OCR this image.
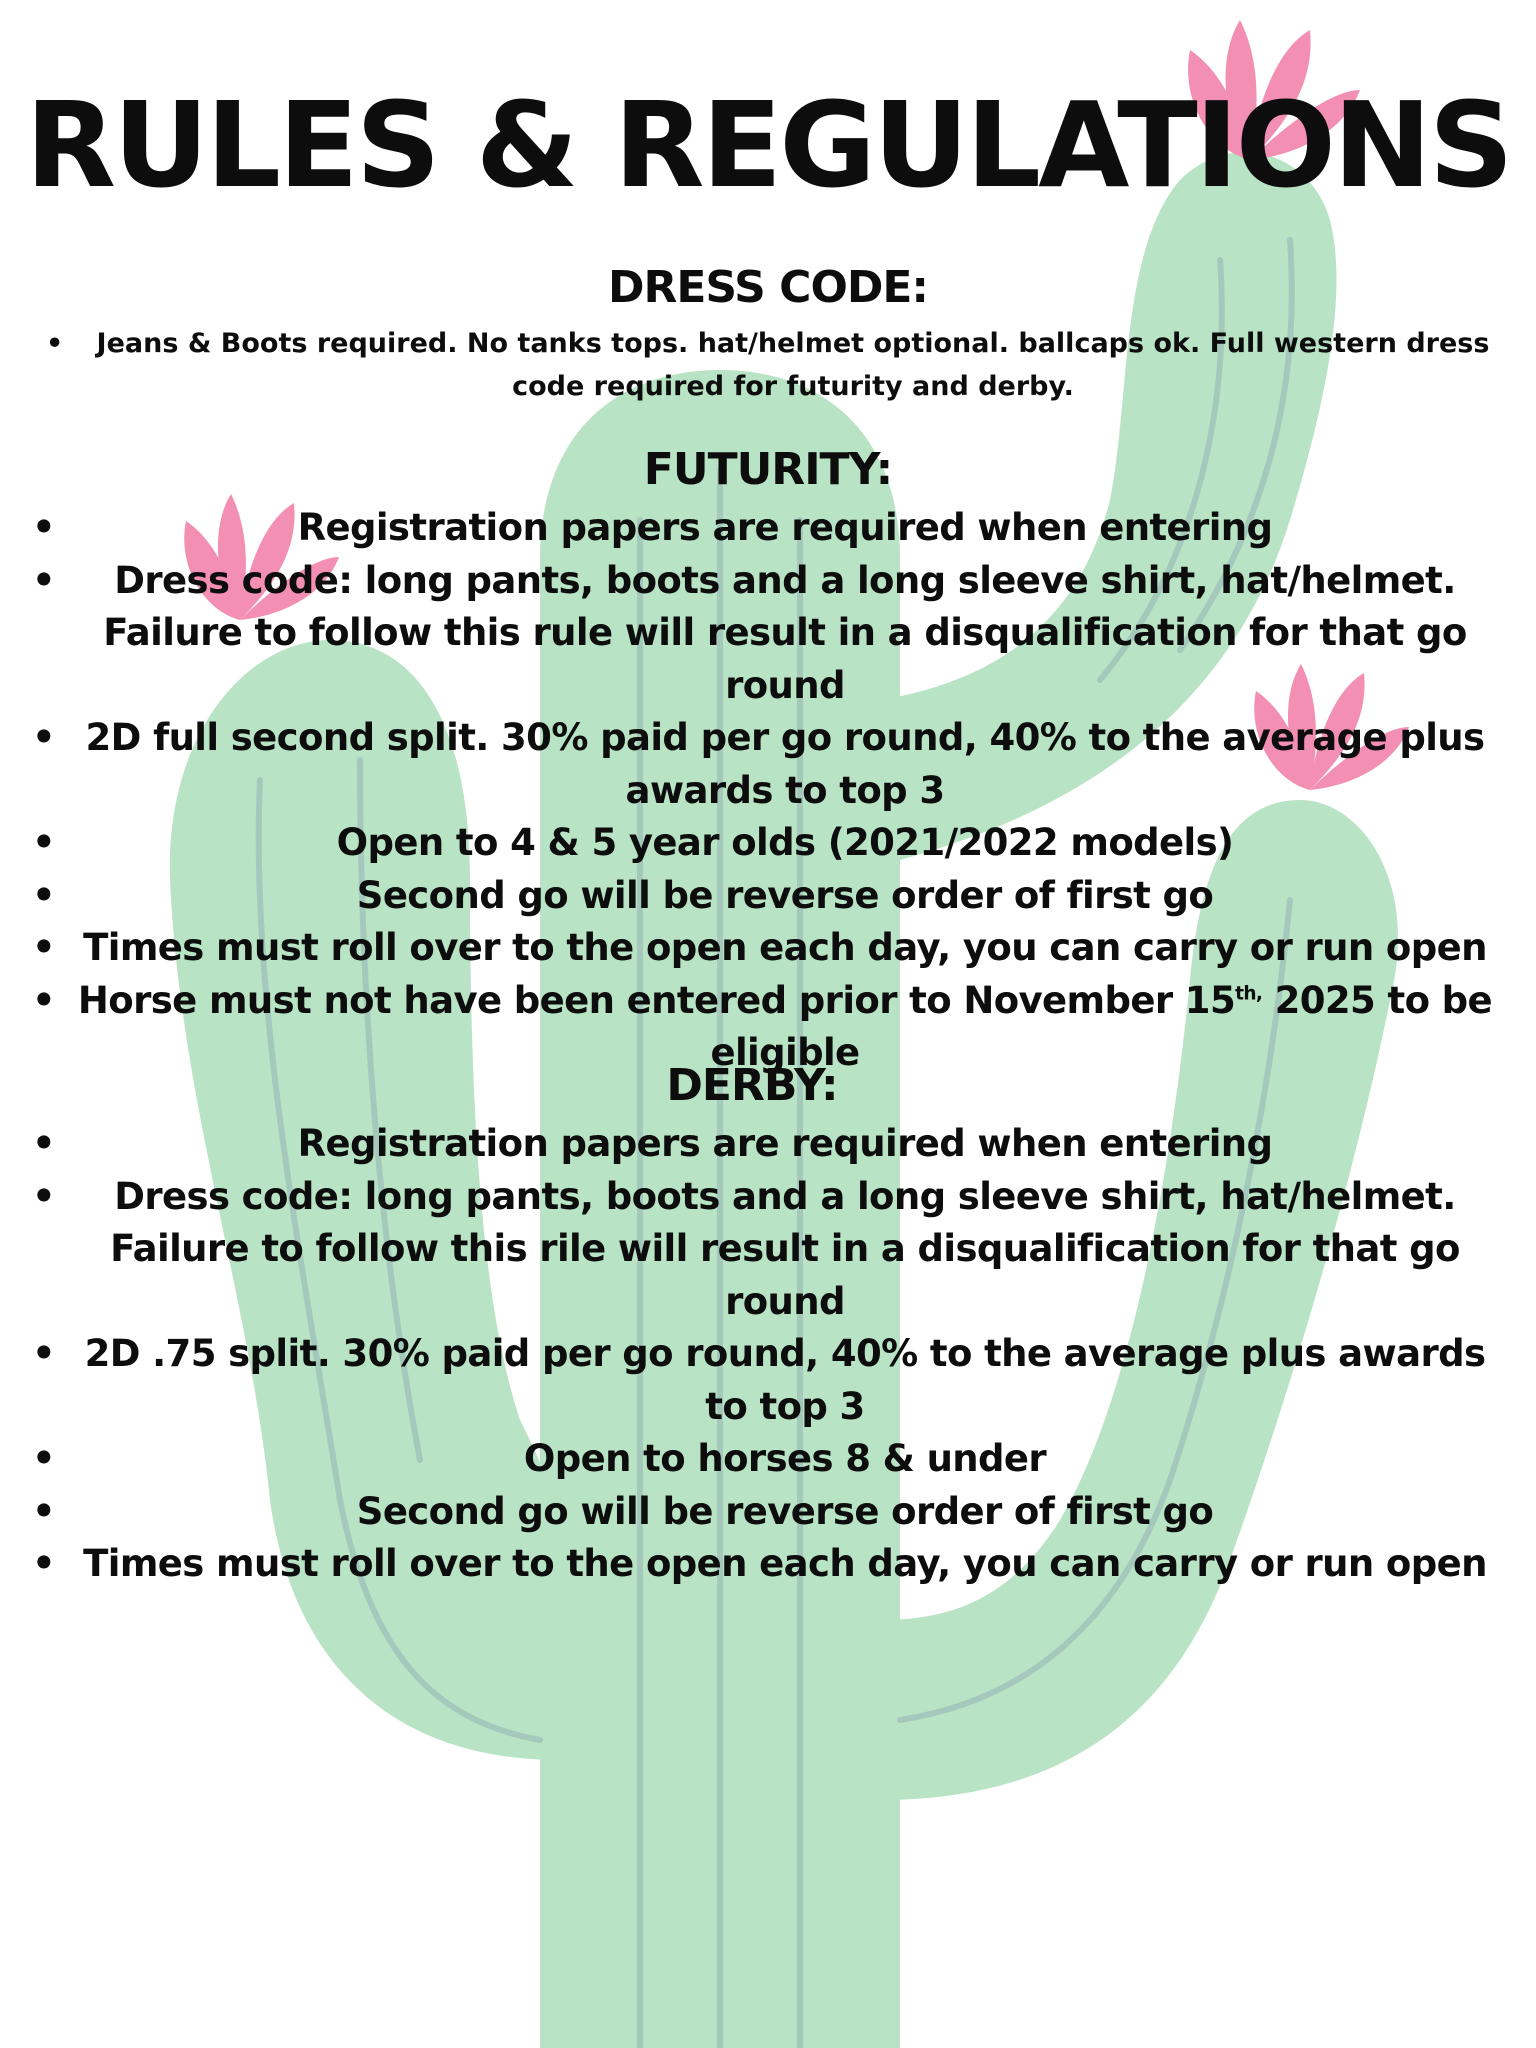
RULES & REGULATIONS
DRESS CODE:
• Jeans & Boots required. No tanks tops. hat/helmet optional. ballcaps ok. Full western dress code required for futurity and derby.
FUTURITY:
•	Registration papers are required when entering
• Dress code: long pants, boots and a long sleeve shirt, hat/helmet. Failure to follow this rule will result in a disqualification for that go round
• 2D full second split. 30% paid per go round, 40% to the average plus awards to top 3
•	Open to 4 & 5 year olds (2021/2022 models)
•	Second go will be reverse order of first go
• Times must roll over to the open each day, you can carry or run open
• Horse must not have been entered prior to November $15^{th,}$ 2025 to be eligible
DERBY:
•	Registration papers are required when entering
• Dress code: long pants, boots and a long sleeve shirt, hat/helmet. Failure to follow this rile will result in a disqualification for that go round
• 2D .75 split. 30% paid per go round, 40% to the average plus awards to top 3
•	Open to horses 8 & under
•	Second go will be reverse order of first go
• Times must roll over to the open each day, you can carry or run open
